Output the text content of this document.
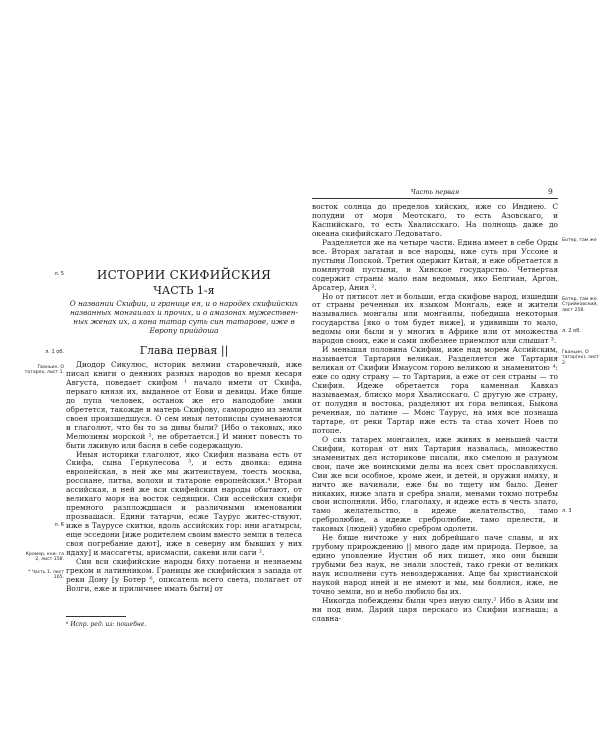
ИСТОРИИ СКИФИЙСКИЯ
ЧАСТЬ 1-я
О названии Скифии, и границе ея, и о народех скифийских названных монгаилах и прочих, и о амазонах мужествен-ных женах их, а кона татар суть син татарове, иже в Европу прийдоша
Глава первая ||

Диодор Сикулюс, историк велмии старовечный, иже писал книги о деяниях разных народов во время кесаря Августа, поведает скифом ¹ начало имети от Скифа, перваго князя их, выданное от Еови и девицы. Иже бяше до пупа человек, останок же его наподобие змии обретется, такожде и матерь Скифову, самородно из земли своея произшедшуся. О сем иныя летописцы сумневаются и глаголют, что бы то за дивы были? [Ибо о таковых, яко Мелюзины морской ², не обретается.] И минят повесть то быти лживую или басня в себе содержащую.

Иныя историки глаголют, яко Скифия названа есть от Скифа, сына Геркулесова ³, и есть двояка: едина европейская, в ней же мы житеиствуем, тоесть москва, россиане, литва, волохи и татарове европейския.⁴ Вторая ассийская, в ней же вси скифейския народы обитают, от великаго моря на восток седящии. Сии ассейския скифи премного разплождшася и различными именовании прозвашася. Едини татарчи, есже Таурус житес-ствуют, иже в Таурусе скитки, вдоль ассийских гор: ини агатырсы, еще эсседони [иже родителем своим вместо земли в телеса своя погребание дают], иже в северну им бывших у них ядаху] и массагеты, арисмаспи, сакеви или саги ².

Сии вси скифийские народы бяху потаени и незнаемы греком и латинником. Границы же скифийския з запада от реки Дону [у Ботер ⁶, описатель всего света, полагает от Волги, еже и приличнее имать быти] от

⁶ Испр. ред. из: пошебне.
л. 5
л. 1 об.
Гваньин. О татарех, лист 1.
л. 6
Кромер, кни- га 2, лист 158.
* Часть 1, лист 165.
Часть первая	9

восток солнца до пределов хийских, иже со Индиею. С полудни от моря Меотскаго, то есть Азовскаго, и Каспийскаго, то есть Хвалисскаго. На полнощь даже до океана скифийскаго Ледоватаго.

Разделяется же на четыре части. Едина имеет в себе Орды все. Вторая загатаи и все народы, иже суть при Уссоне и пустыни Лопской. Третия одержит Китай, и еже обретается в помянутой пустыни, и Хинское государство. Четвертая содержит страны мало нам ведомыя, яко Белгиан, Аргон, Арсатер, Ания ².

Но от пятисот лет и больши, егда скифове народ, изшедши от страны реченныя их языком Монгаль, еже и жители назывались монгалы или монгаилы, победиша некоторыя государства [яко о том будет ниже], и удививши то мало, ведомы они были и у многих в Африке или от множества народов своих, еже и сами любезнее приемлют или слышат ³.

И меньшая половина Скифии, иже над морем Ассийским, называется Тартария великая. Разделяется же Тартария великая от Скифии Имаусом горою великою и знаменитою ⁴: еже со одну страну — то Тартария, а еже от сея страны — то Скифия. Идеже обретается гора каменная Кавказ называемая, блиско моря Хвалисскаго. С другую же страну, от полудня и востока, разделяют их гора великая, Быкова реченная, по латине — Монс Таурус, на имя все познаша тартаре, от реки Тартар иже есть та стаа хочет Ноев по потопе.

О сих татарех монгаилех, иже живях в меньшей части Скифии, которая от них Тартария назвалась, множество знаменитых дел историкове писали, яко смелою и разумом свои, паче же воинскими делы на всех свет прославляхуся. Сии же вси особное, кроме жен, и детей, и оружия имяху, и ничто же начинали, еже бы во тщету им было. Денег никаких, ниже злата и сребра знали, менами токмо потребы свои исполняли. Ибо, глаголаху, и идеже есть в честь злато, тамо желательство, а идеже желательство, тамо сребролюбие, а идеже сребролюбие, тамо прелести, и таковых (людей) удобно сребром одолети.

Не бяше ничтоже у них добрейшаго паче славы, и их грубому прирождению || много даде им природа. Первое, за едино уповление Иустин об них пишет, яко они бывши грубыми без наук, не знали злостей, тако греки от великих наук исполнени суть невоздержания. Аще бы христианской наукой народ иней и не имеют и мы, мы боялися, иже, не точно земли, но и небо любило бы их.

Никогда побеждены были чрез иную силу.² Ибо в Азии им ни под ним. Дарий царя перскаго из Скифии изгнаша; а славна-

Ботер, там же
Ботер, там же. Стрийковский, лист 258.
л. 2 об.
Гваньин, О татар(ех), лист 2.
л. 3
